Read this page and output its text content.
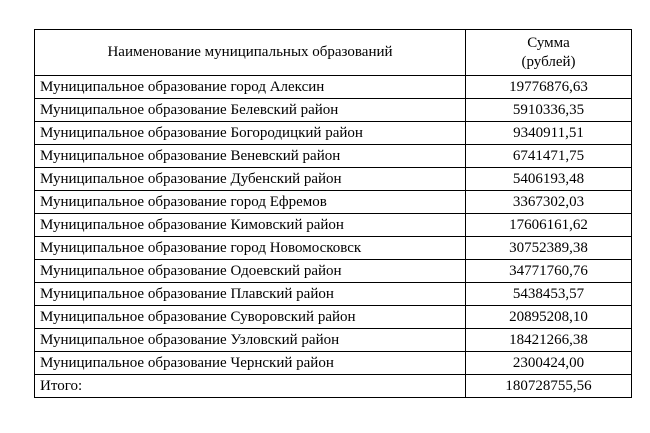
Наименование муниципальных образований	Сумма
(рублей)

Муниципальное образование город Алексин	19776876,63
Муниципальное образование Белевский район	5910336,35
Муниципальное образование Богородицкий район	9340911,51
Муниципальное образование Веневский район	6741471,75
Муниципальное образование Дубенский район	5406193,48
Муниципальное образование город Ефремов	3367302,03
Муниципальное образование Кимовский район	17606161,62
Муниципальное образование город Новомосковск	30752389,38
Муниципальное образование Одоевский район	34771760,76
Муниципальное образование Плавский район	5438453,57
Муниципальное образование Суворовский район	20895208,10
Муниципальное образование Узловский район	18421266,38
Муниципальное образование Чернский район	2300424,00
Итого:	180728755,56
